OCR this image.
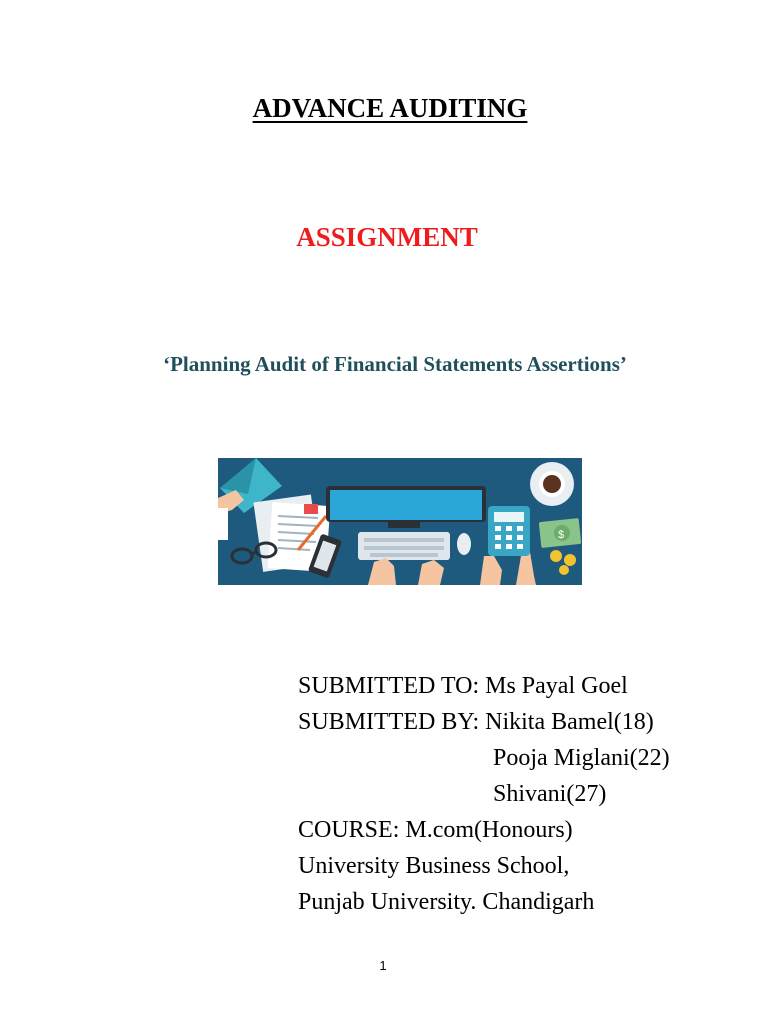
ADVANCE AUDITING
ASSIGNMENT
‘Planning Audit of Financial Statements Assertions’
$
SUBMITTED TO: Ms Payal Goel
SUBMITTED BY: Nikita Bamel(18)
Pooja Miglani(22)
Shivani(27)
COURSE: M.com(Honours)
University Business School,
Punjab University. Chandigarh
1
